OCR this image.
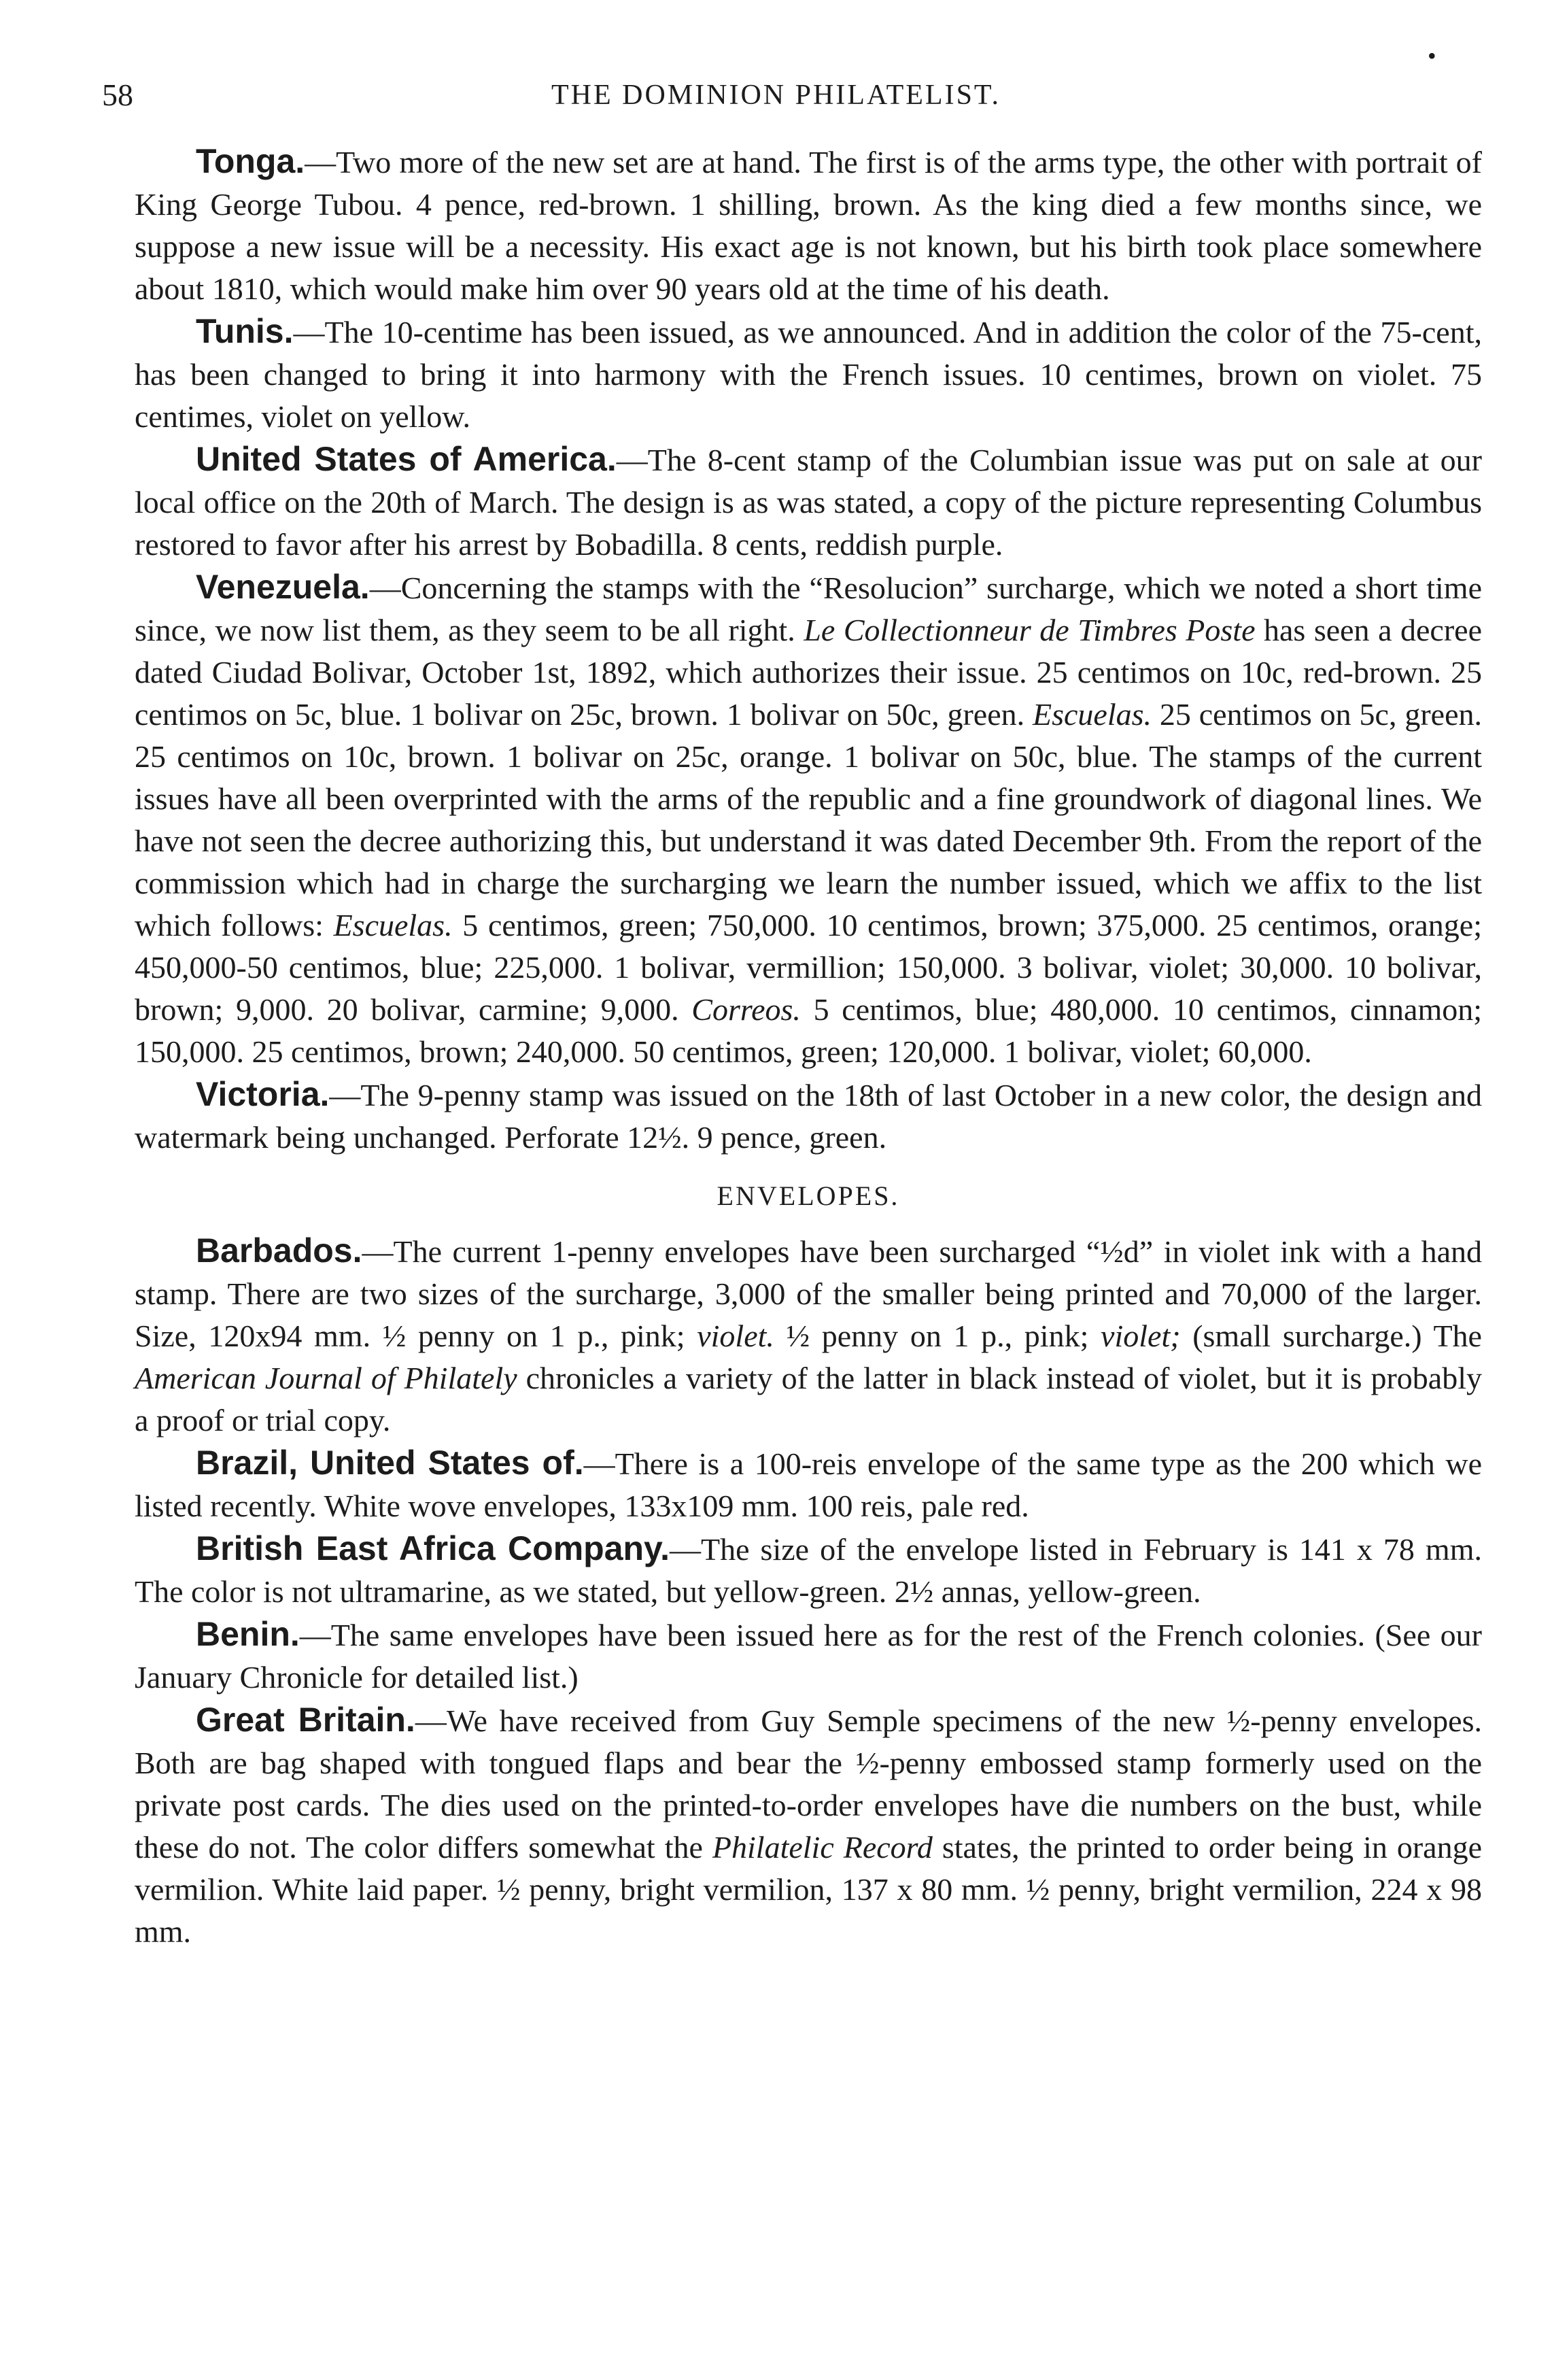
58	THE DOMINION PHILATELIST.
•

Tonga.—Two more of the new set are at hand. The first is of the arms type, the other with portrait of King George Tubou. 4 pence, red-brown. 1 shilling, brown. As the king died a few months since, we suppose a new issue will be a necessity. His exact age is not known, but his birth took place somewhere about 1810, which would make him over 90 years old at the time of his death.

Tunis.—The 10-centime has been issued, as we announced. And in addition the color of the 75-cent, has been changed to bring it into harmony with the French issues. 10 centimes, brown on violet. 75 centimes, violet on yellow.

United States of America.—The 8-cent stamp of the Columbian issue was put on sale at our local office on the 20th of March. The design is as was stated, a copy of the picture representing Columbus restored to favor after his arrest by Bobadilla. 8 cents, reddish purple.

Venezuela.—Concerning the stamps with the “Resolucion” surcharge, which we noted a short time since, we now list them, as they seem to be all right. Le Collectionneur de Timbres Poste has seen a decree dated Ciudad Bolivar, October 1st, 1892, which authorizes their issue. 25 centimos on 10c, red-brown. 25 centimos on 5c, blue. 1 bolivar on 25c, brown. 1 bolivar on 50c, green. Escuelas. 25 centimos on 5c, green. 25 centimos on 10c, brown. 1 bolivar on 25c, orange. 1 bolivar on 50c, blue. The stamps of the current issues have all been overprinted with the arms of the republic and a fine groundwork of diagonal lines. We have not seen the decree authorizing this, but understand it was dated December 9th. From the report of the commission which had in charge the surcharging we learn the number issued, which we affix to the list which follows: Escuelas. 5 centimos, green; 750,000. 10 centimos, brown; 375,000. 25 centimos, orange; 450,000-50 centimos, blue; 225,000. 1 bolivar, vermillion; 150,000. 3 bolivar, violet; 30,000. 10 bolivar, brown; 9,000. 20 bolivar, carmine; 9,000. Correos. 5 centimos, blue; 480,000. 10 centimos, cinnamon; 150,000. 25 centimos, brown; 240,000. 50 centimos, green; 120,000. 1 bolivar, violet; 60,000.

Victoria.—The 9-penny stamp was issued on the 18th of last October in a new color, the design and watermark being unchanged. Perforate 12½. 9 pence, green.

ENVELOPES.

Barbados.—The current 1-penny envelopes have been surcharged “½d” in violet ink with a hand stamp. There are two sizes of the surcharge, 3,000 of the smaller being printed and 70,000 of the larger. Size, 120x94 mm. ½ penny on 1 p., pink; violet. ½ penny on 1 p., pink; violet; (small surcharge.) The American Journal of Philately chronicles a variety of the latter in black instead of violet, but it is probably a proof or trial copy.

Brazil, United States of.—There is a 100-reis envelope of the same type as the 200 which we listed recently. White wove envelopes, 133x109 mm. 100 reis, pale red.

British East Africa Company.—The size of the envelope listed in February is 141 x 78 mm. The color is not ultramarine, as we stated, but yellow-green. 2½ annas, yellow-green.

Benin.—The same envelopes have been issued here as for the rest of the French colonies. (See our January Chronicle for detailed list.)

Great Britain.—We have received from Guy Semple specimens of the new ½-penny envelopes. Both are bag shaped with tongued flaps and bear the ½-penny embossed stamp formerly used on the private post cards. The dies used on the printed-to-order envelopes have die numbers on the bust, while these do not. The color differs somewhat the Philatelic Record states, the printed to order being in orange vermilion. White laid paper. ½ penny, bright vermilion, 137 x 80 mm. ½ penny, bright vermilion, 224 x 98 mm.
